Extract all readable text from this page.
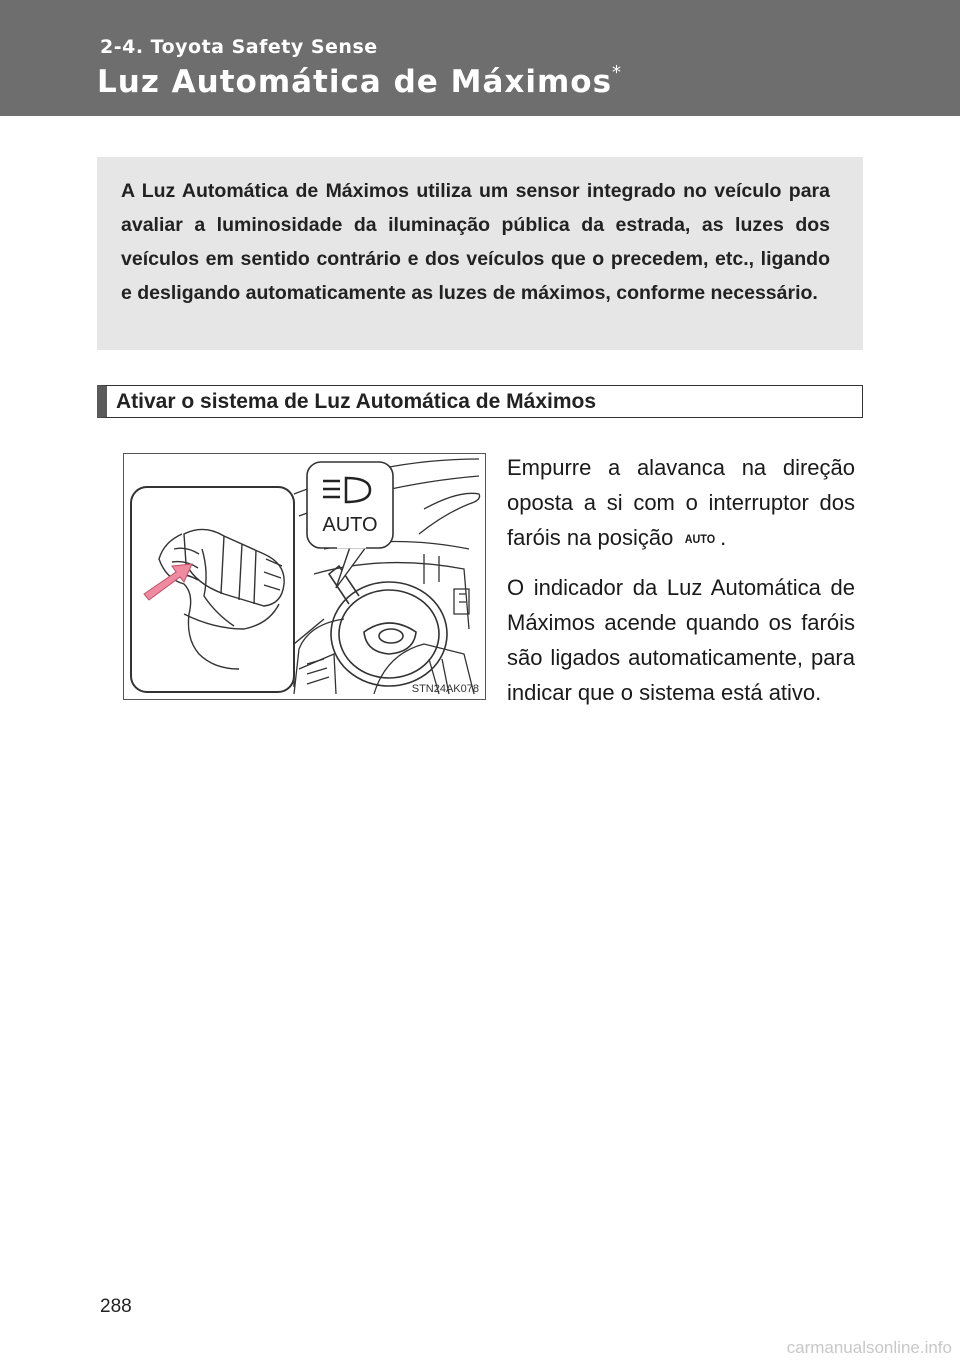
2-4. Toyota Safety Sense
Luz Automática de Máximos*

A Luz Automática de Máximos utiliza um sensor integrado no veículo para avaliar a luminosidade da iluminação pública da estrada, as luzes dos veículos em sentido contrário e dos veículos que o precedem, etc., ligando e desligando automaticamente as luzes de máximos, conforme necessário.

Ativar o sistema de Luz Automática de Máximos
AUTO
STN24AK078

Empurre a alavanca na direção oposta a si com o interruptor dos faróis na posição AUTO .

O indicador da Luz Automática de Máximos acende quando os faróis são ligados automaticamente, para indicar que o sistema está ativo.

288
carmanualsonline.info
